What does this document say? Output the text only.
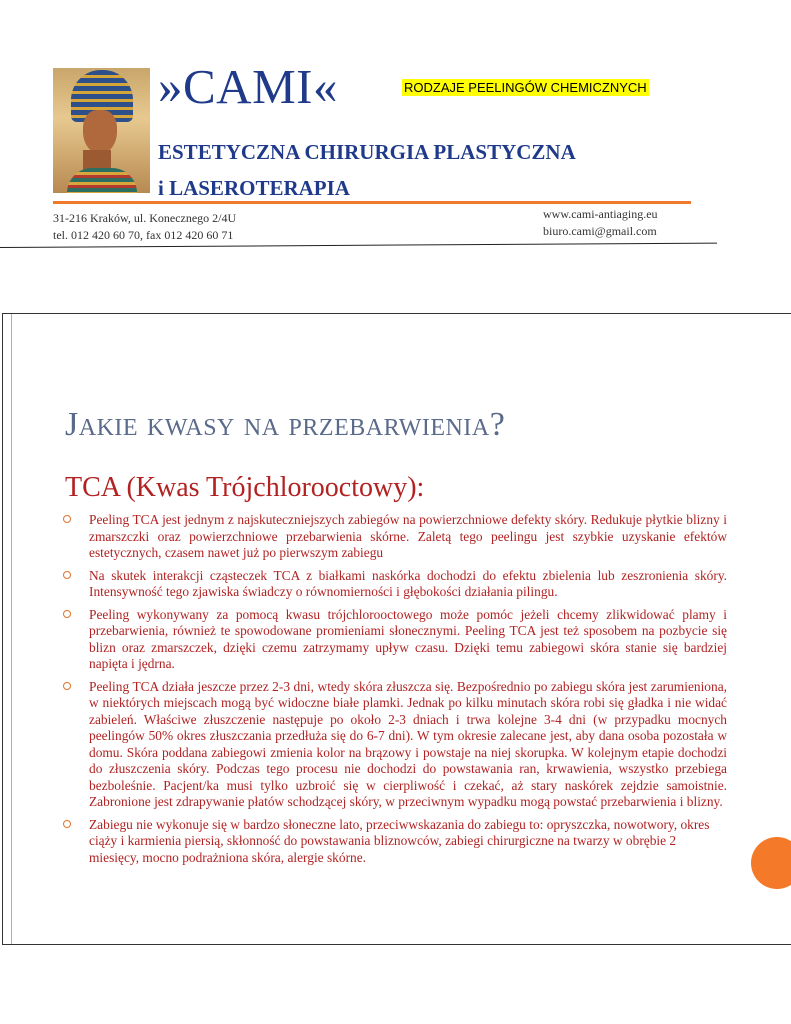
»CAMI«	RODZAJE PEELINGÓW CHEMICZNYCH
ESTETYCZNA CHIRURGIA PLASTYCZNA
i LASEROTERAPIA
31-216 Kraków, ul. Konecznego 2/4U
tel. 012 420 60 70, fax 012 420 60 71
www.cami-antiaging.eu
biuro.cami@gmail.com
Jakie kwasy na przebarwienia?
TCA (Kwas Trójchlorooctowy):
Peeling TCA jest jednym z najskuteczniejszych zabiegów na powierzchniowe defekty skóry. Redukuje płytkie blizny i zmarszczki oraz powierzchniowe przebarwienia skórne. Zaletą tego peelingu jest szybkie uzyskanie efektów estetycznych, czasem nawet już po pierwszym zabiegu
Na skutek interakcji cząsteczek TCA z białkami naskórka dochodzi do efektu zbielenia lub zeszronienia skóry. Intensywność tego zjawiska świadczy o równomierności i głębokości działania pilingu.
Peeling wykonywany za pomocą kwasu trójchlorooctowego może pomóc jeżeli chcemy zlikwidować plamy i przebarwienia, również te spowodowane promieniami słonecznymi. Peeling TCA jest też sposobem na pozbycie się blizn oraz zmarszczek, dzięki czemu zatrzymamy upływ czasu. Dzięki temu zabiegowi skóra stanie się bardziej napięta i jędrna.
Peeling TCA działa jeszcze przez 2-3 dni, wtedy skóra złuszcza się. Bezpośrednio po zabiegu skóra jest zarumieniona, w niektórych miejscach mogą być widoczne białe plamki. Jednak po kilku minutach skóra robi się gładka i nie widać zabieleń. Właściwe złuszczenie następuje po około 2-3 dniach i trwa kolejne 3-4 dni (w przypadku mocnych peelingów 50% okres złuszczania przedłuża się do 6-7 dni). W tym okresie zalecane jest, aby dana osoba pozostała w domu. Skóra poddana zabiegowi zmienia kolor na brązowy i powstaje na niej skorupka. W kolejnym etapie dochodzi do złuszczenia skóry. Podczas tego procesu nie dochodzi do powstawania ran, krwawienia, wszystko przebiega bezboleśnie. Pacjent/ka musi tylko uzbroić się w cierpliwość i czekać, aż stary naskórek zejdzie samoistnie. Zabronione jest zdrapywanie płatów schodzącej skóry, w przeciwnym wypadku mogą powstać przebarwienia i blizny.
Zabiegu nie wykonuje się w bardzo słoneczne lato, przeciwwskazania do zabiegu to: opryszczka, nowotwory, okres ciąży i karmienia piersią, skłonność do powstawania bliznowców, zabiegi chirurgiczne na twarzy w obrębie 2 miesięcy, mocno podrażniona skóra, alergie skórne.
